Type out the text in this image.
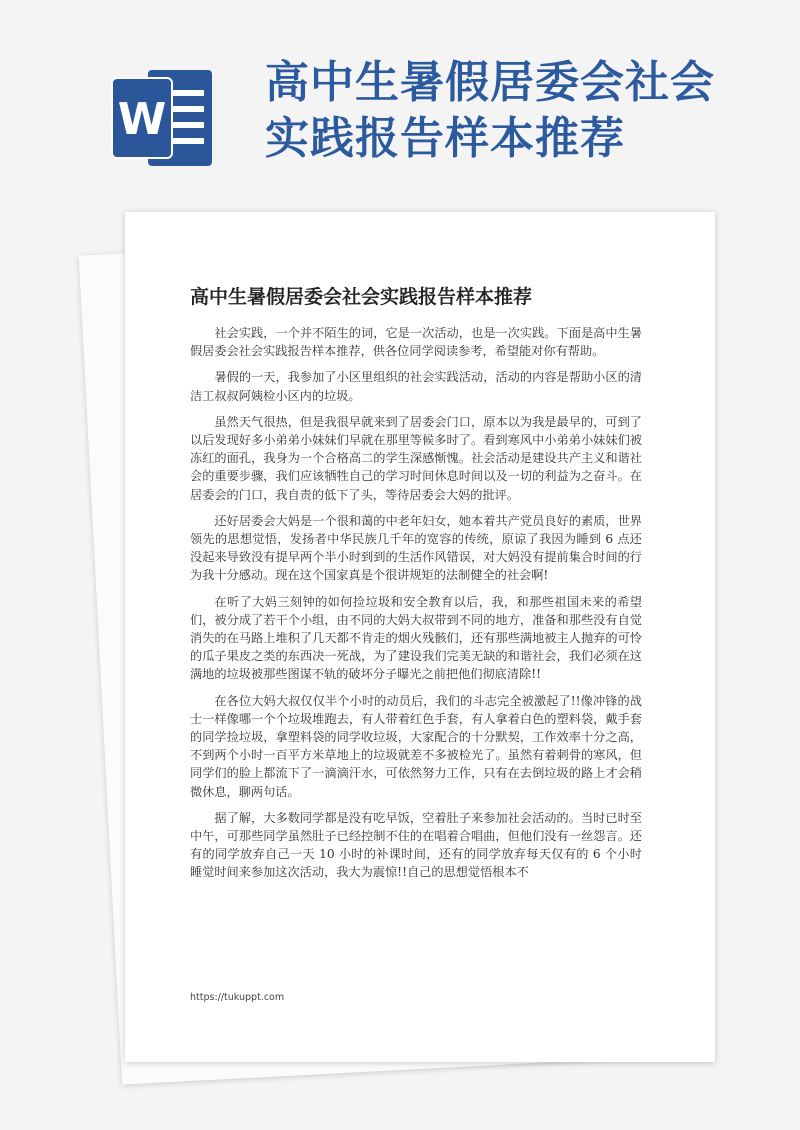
W
高中生暑假居委会社会
实践报告样本推荐
高中生暑假居委会社会实践报告样本推荐

社会实践，一个并不陌生的词，它是一次活动，也是一次实践。下面是高中生暑假居委会社会实践报告样本推荐，供各位同学阅读参考，希望能对你有帮助。

暑假的一天，我参加了小区里组织的社会实践活动，活动的内容是帮助小区的清洁工叔叔阿姨检小区内的垃圾。

虽然天气很热，但是我很早就来到了居委会门口，原本以为我是最早的，可到了以后发现好多小弟弟小妹妹们早就在那里等候多时了。看到寒风中小弟弟小妹妹们被冻红的面孔，我身为一个合格高二的学生深感惭愧。社会活动是建设共产主义和谐社会的重要步骤，我们应该牺牲自己的学习时间休息时间以及一切的利益为之奋斗。在居委会的门口，我自责的低下了头，等待居委会大妈的批评。

还好居委会大妈是一个很和蔼的中老年妇女，她本着共产党员良好的素质，世界领先的思想觉悟，发扬者中华民族几千年的宽容的传统，原谅了我因为睡到 6 点还没起来导致没有提早两个半小时到到的生活作风错误，对大妈没有提前集合时间的行为我十分感动。现在这个国家真是个很讲规矩的法制健全的社会啊!

在听了大妈三刻钟的如何捡垃圾和安全教育以后，我，和那些祖国未来的希望们，被分成了若干个小组，由不同的大妈大叔带到不同的地方，准备和那些没有自觉消失的在马路上堆积了几天都不肯走的烟火残骸们，还有那些满地被主人抛弃的可怜的瓜子果皮之类的东西决一死战，为了建设我们完美无缺的和谐社会，我们必须在这满地的垃圾被那些图谋不轨的破坏分子曝光之前把他们彻底清除!!

在各位大妈大叔仅仅半个小时的动员后，我们的斗志完全被激起了!!像冲锋的战士一样像哪一个个垃圾堆跑去，有人带着红色手套，有人拿着白色的塑料袋，戴手套的同学捡垃圾，拿塑料袋的同学收垃圾，大家配合的十分默契，工作效率十分之高，不到两个小时一百平方米草地上的垃圾就差不多被检光了。虽然有着刺骨的寒风，但同学们的脸上都流下了一滴滴汗水，可依然努力工作，只有在去倒垃圾的路上才会稍微休息，聊两句话。

据了解，大多数同学都是没有吃早饭，空着肚子来参加社会活动的。当时已时至中午，可那些同学虽然肚子已经控制不住的在唱着合唱曲，但他们没有一丝怨言。还有的同学放弃自己一天 10 小时的补课时间，还有的同学放弃每天仅有的 6 个小时睡觉时间来参加这次活动，我大为震惊!!自己的思想觉悟根本不

https://tukuppt.com
